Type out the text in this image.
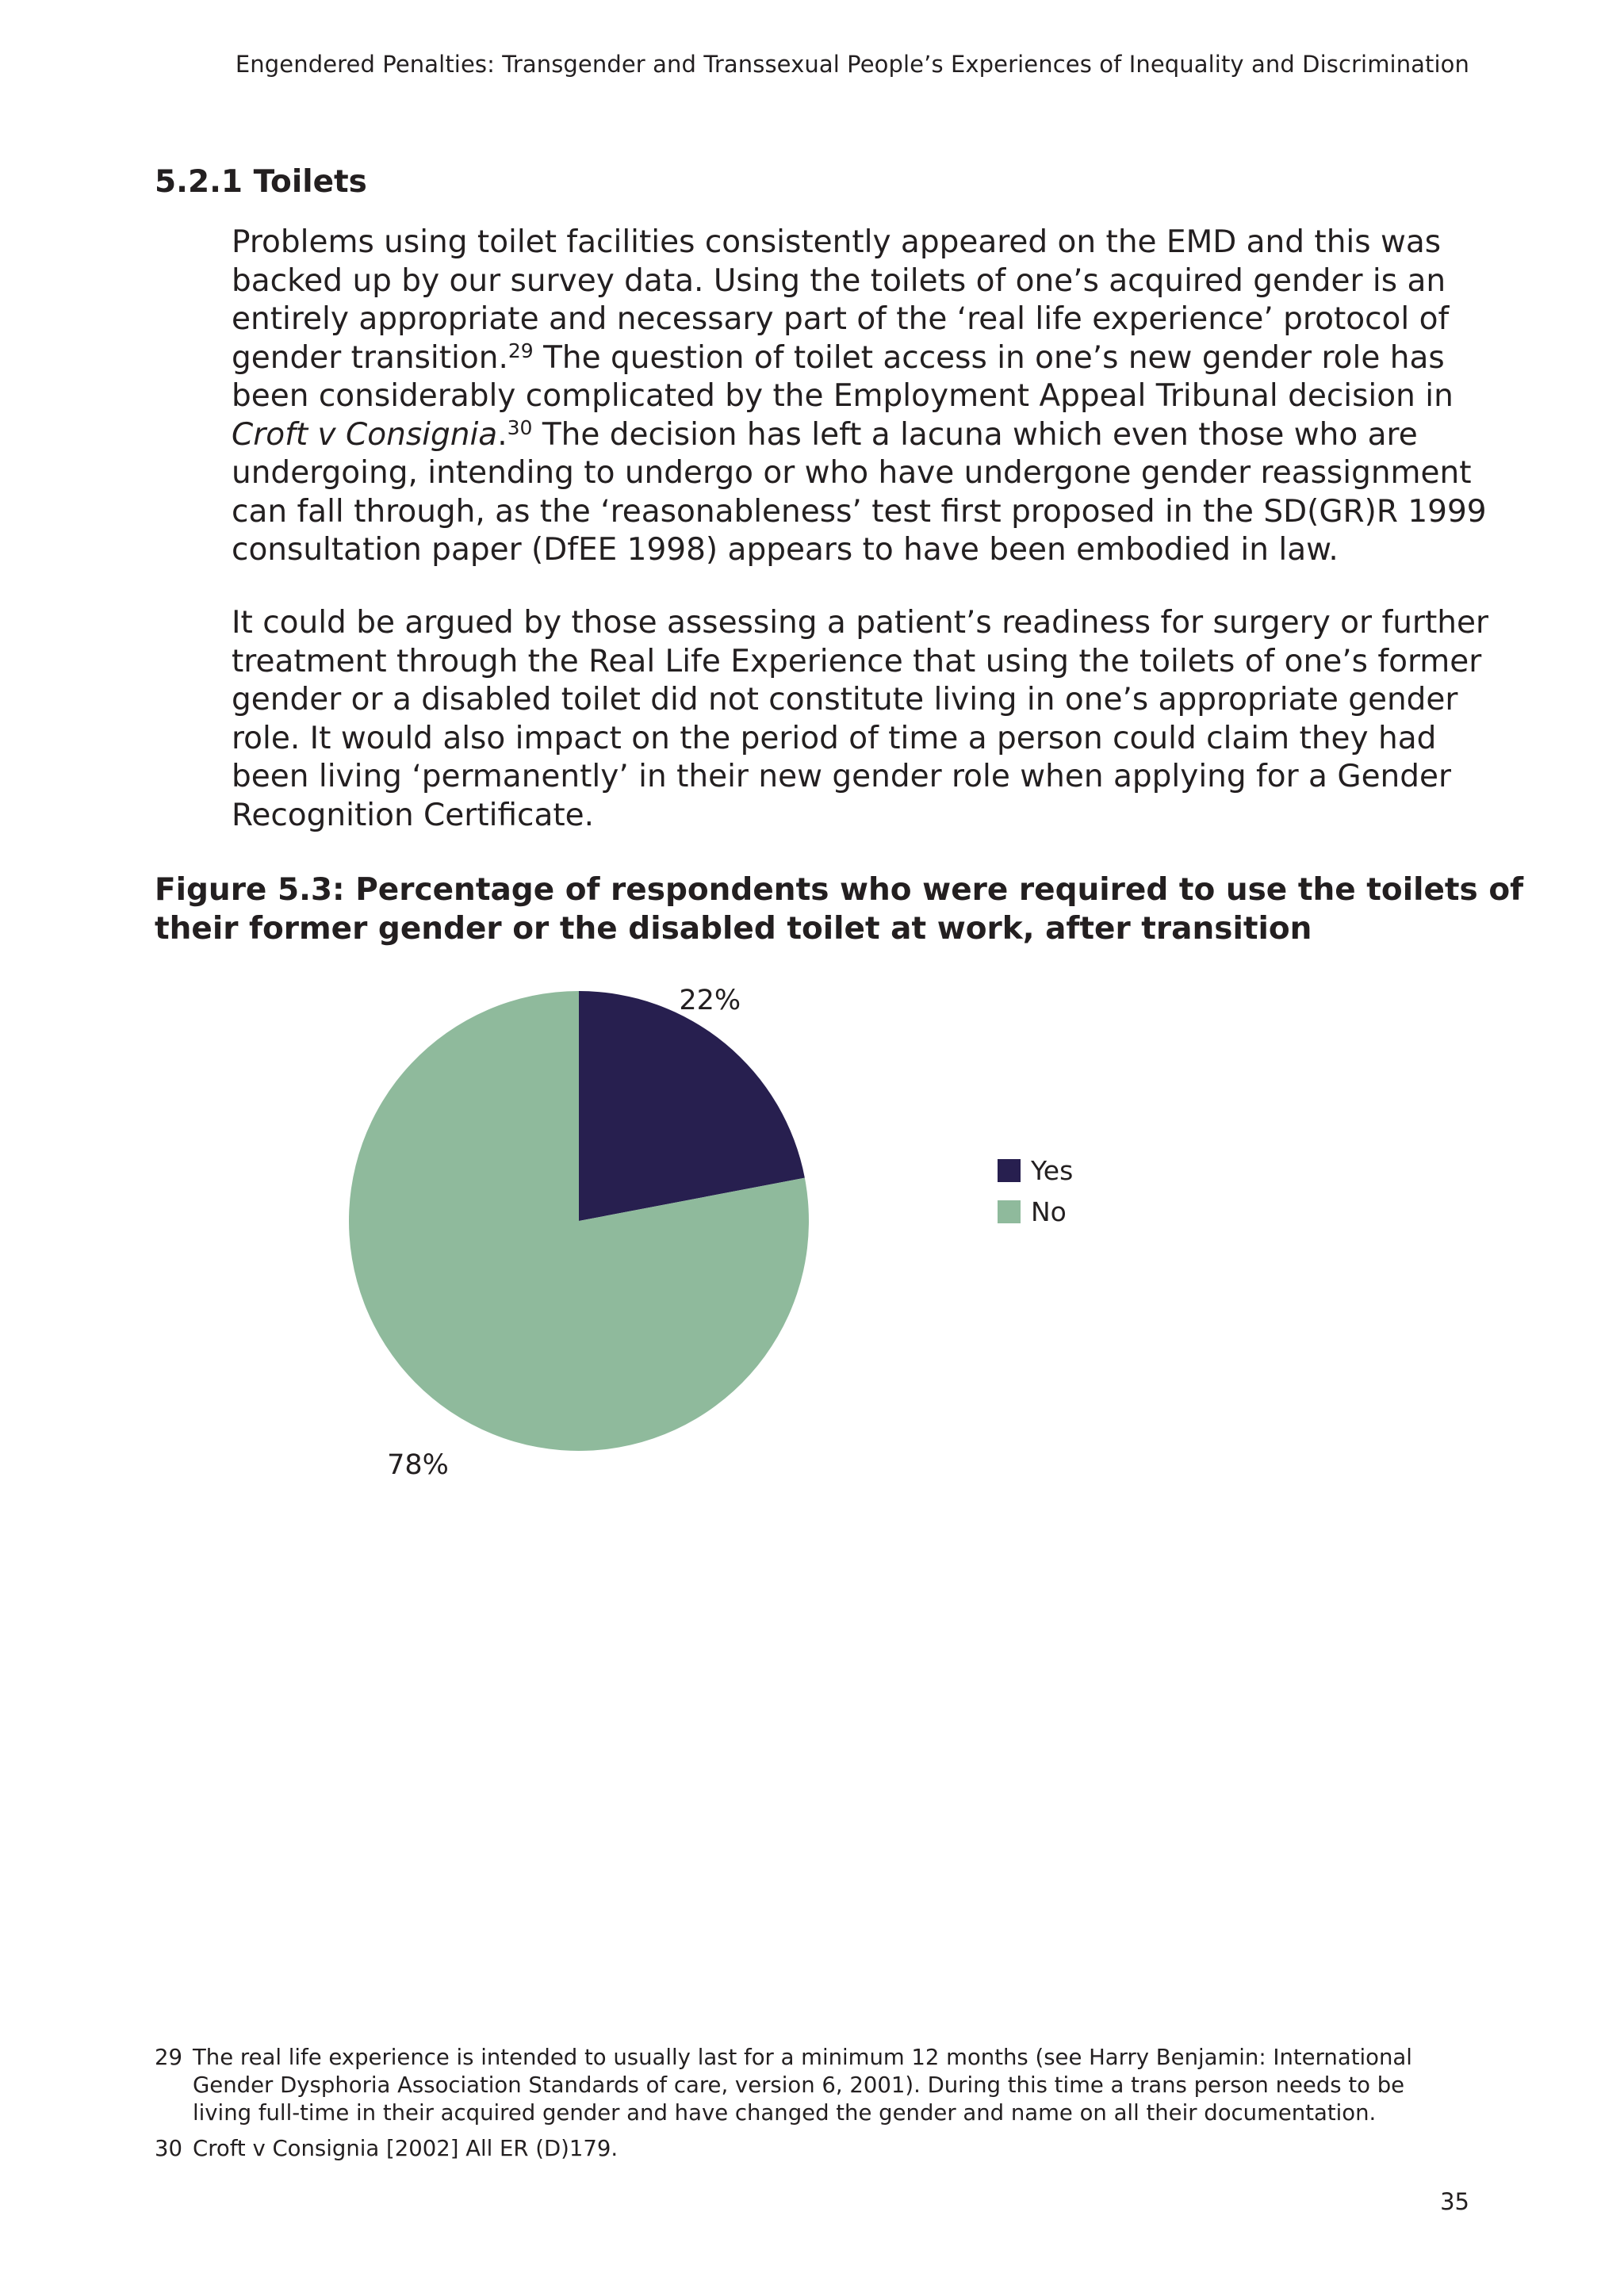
Engendered Penalties: Transgender and Transsexual People’s Experiences of Inequality and Discrimination
5.2.1 Toilets

Problems using toilet facilities consistently appeared on the EMD and this was
backed up by our survey data. Using the toilets of one’s acquired gender is an
entirely appropriate and necessary part of the ‘real life experience’ protocol of
gender transition.$^{29}$ The question of toilet access in one’s new gender role has
been considerably complicated by the Employment Appeal Tribunal decision in
Croft v Consignia.$^{30}$ The decision has left a lacuna which even those who are
undergoing, intending to undergo or who have undergone gender reassignment
can fall through, as the ‘reasonableness’ test first proposed in the SD(GR)R 1999
consultation paper (DfEE 1998) appears to have been embodied in law.

It could be argued by those assessing a patient’s readiness for surgery or further
treatment through the Real Life Experience that using the toilets of one’s former
gender or a disabled toilet did not constitute living in one’s appropriate gender
role. It would also impact on the period of time a person could claim they had
been living ‘permanently’ in their new gender role when applying for a Gender
Recognition Certificate.

Figure 5.3: Percentage of respondents who were required to use the toilets of
their former gender or the disabled toilet at work, after transition

22%
78%
Yes
No
29 The real life experience is intended to usually last for a minimum 12 months (see Harry Benjamin: International
Gender Dysphoria Association Standards of care, version 6, 2001). During this time a trans person needs to be
living full-time in their acquired gender and have changed the gender and name on all their documentation.
30 Croft v Consignia [2002] All ER (D)179.
35
